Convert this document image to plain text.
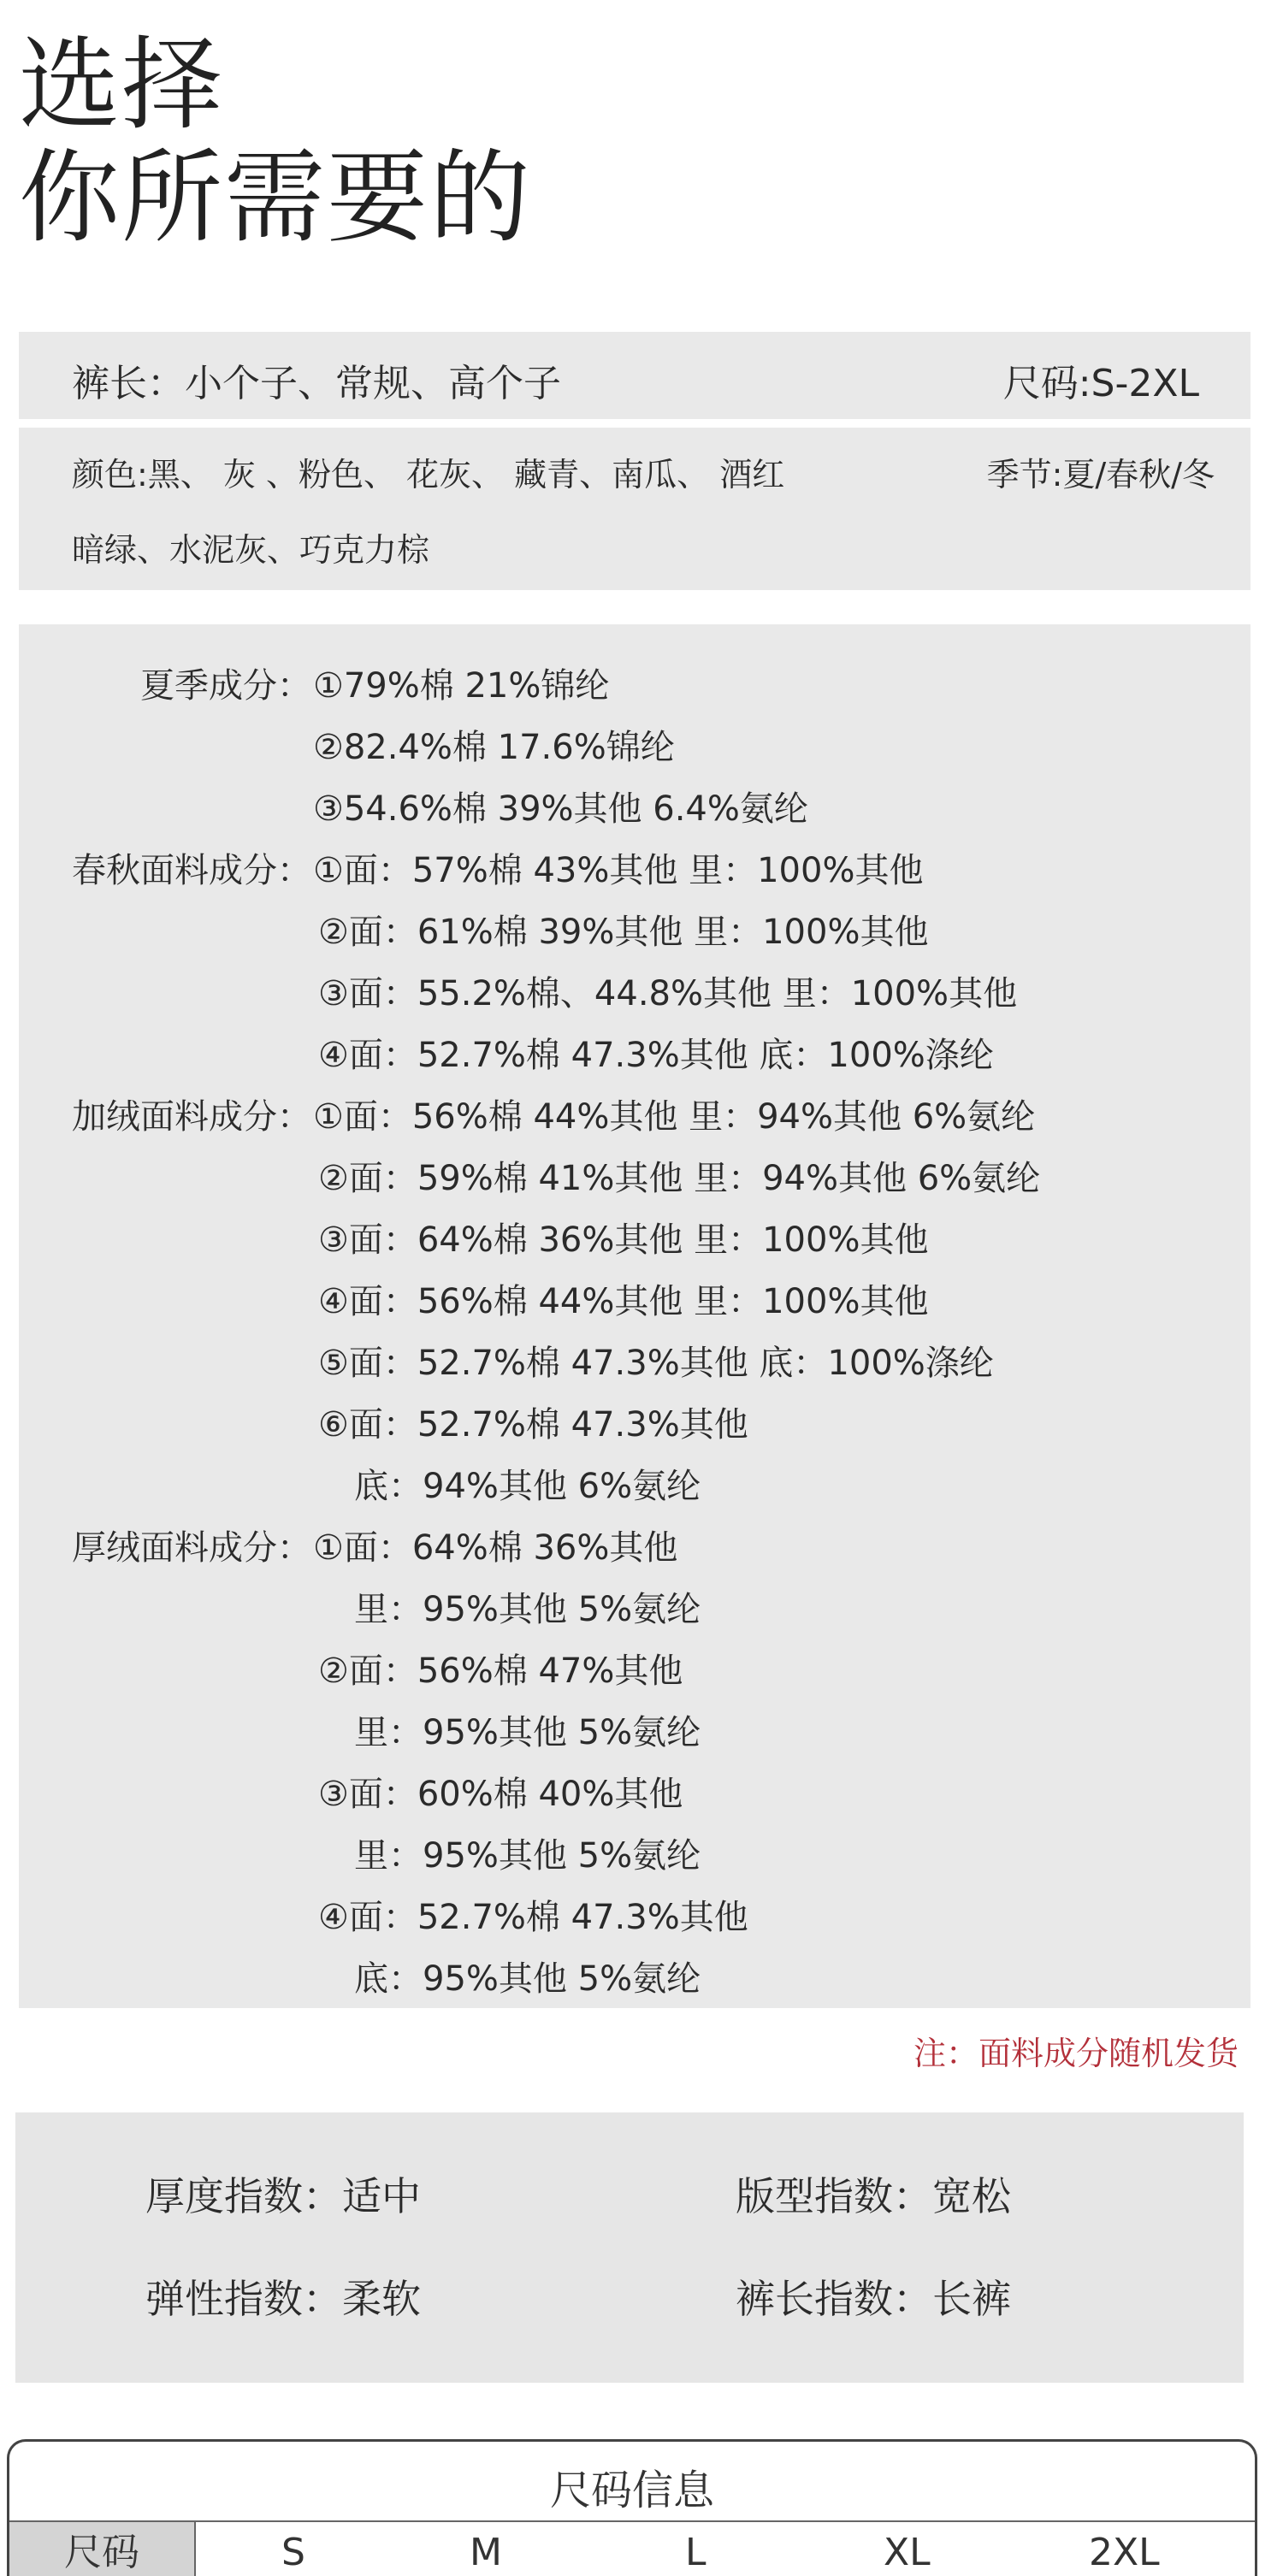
选择
你所需要的
裤长：小个子、常规、高个子	尺码:S-2XL
颜色:黑、 灰 、粉色、 花灰、 藏青、南瓜、 酒红	季节:夏/春秋/冬
暗绿、水泥灰、巧克力棕
夏季成分： ①79%棉 21%锦纶
②82.4%棉 17.6%锦纶
③54.6%棉 39%其他 6.4%氨纶
春秋面料成分： ①面：57%棉 43%其他 里：100%其他
②面：61%棉 39%其他 里：100%其他
③面：55.2%棉、44.8%其他 里：100%其他
④面：52.7%棉 47.3%其他 底：100%涤纶
加绒面料成分： ①面：56%棉 44%其他 里：94%其他 6%氨纶
②面：59%棉 41%其他 里：94%其他 6%氨纶
③面：64%棉 36%其他 里：100%其他
④面：56%棉 44%其他 里：100%其他
⑤面：52.7%棉 47.3%其他 底：100%涤纶
⑥面：52.7%棉 47.3%其他
底：94%其他 6%氨纶
厚绒面料成分： ①面：64%棉 36%其他
里：95%其他 5%氨纶
②面：56%棉 47%其他
里：95%其他 5%氨纶
③面：60%棉 40%其他
里：95%其他 5%氨纶
④面：52.7%棉 47.3%其他
底：95%其他 5%氨纶
注：面料成分随机发货
厚度指数：适中	版型指数：宽松
弹性指数：柔软	裤长指数：长裤
尺码信息
尺码	S	M	L	XL	2XL
